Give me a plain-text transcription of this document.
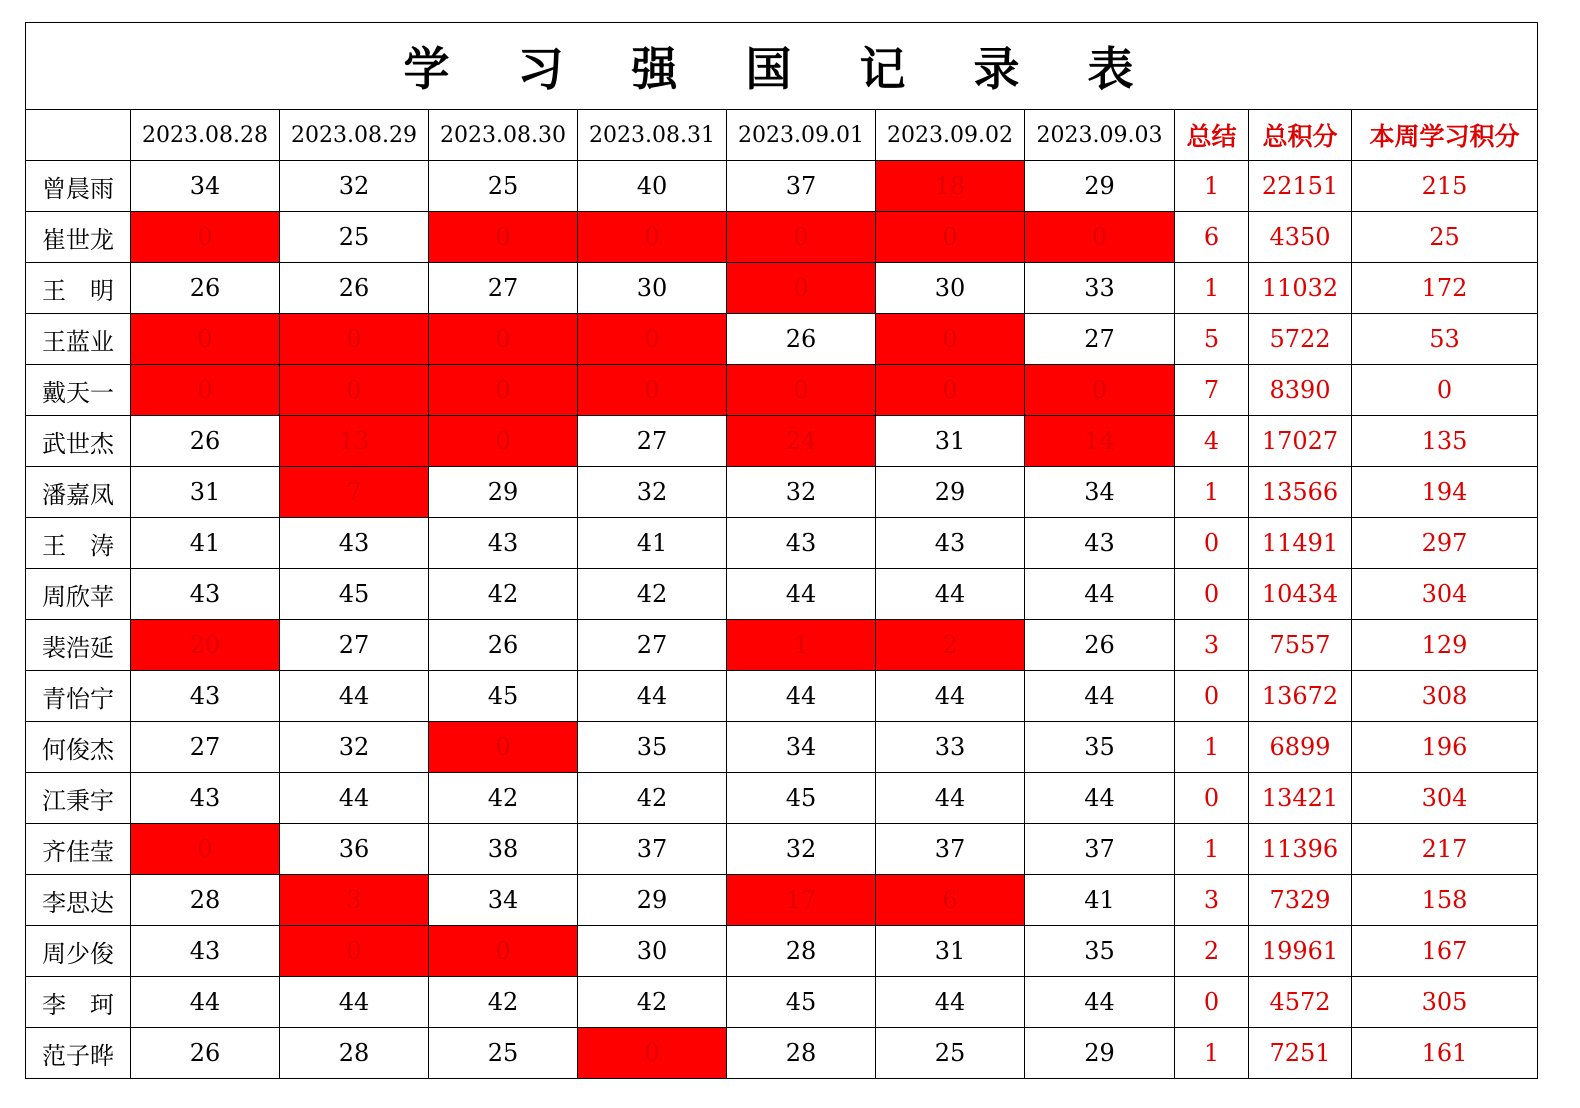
学 习 强 国 记 录 表										
	2023.08.28	2023.08.29	2023.08.30	2023.08.31	2023.09.01	2023.09.02	2023.09.03	总结	总积分	本周学习积分
曾晨雨	34	32	25	40	37	18	29	1	22151	215
崔世龙	0	25	0	0	0	0	0	6	4350	25
王　明	26	26	27	30	0	30	33	1	11032	172
王蓝业	0	0	0	0	26	0	27	5	5722	53
戴天一	0	0	0	0	0	0	0	7	8390	0
武世杰	26	13	0	27	24	31	14	4	17027	135
潘嘉凤	31	7	29	32	32	29	34	1	13566	194
王　涛	41	43	43	41	43	43	43	0	11491	297
周欣苹	43	45	42	42	44	44	44	0	10434	304
裴浩延	20	27	26	27	1	2	26	3	7557	129
青怡宁	43	44	45	44	44	44	44	0	13672	308
何俊杰	27	32	0	35	34	33	35	1	6899	196
江秉宇	43	44	42	42	45	44	44	0	13421	304
齐佳莹	0	36	38	37	32	37	37	1	11396	217
李思达	28	3	34	29	17	6	41	3	7329	158
周少俊	43	0	0	30	28	31	35	2	19961	167
李　珂	44	44	42	42	45	44	44	0	4572	305
范子晔	26	28	25	0	28	25	29	1	7251	161
